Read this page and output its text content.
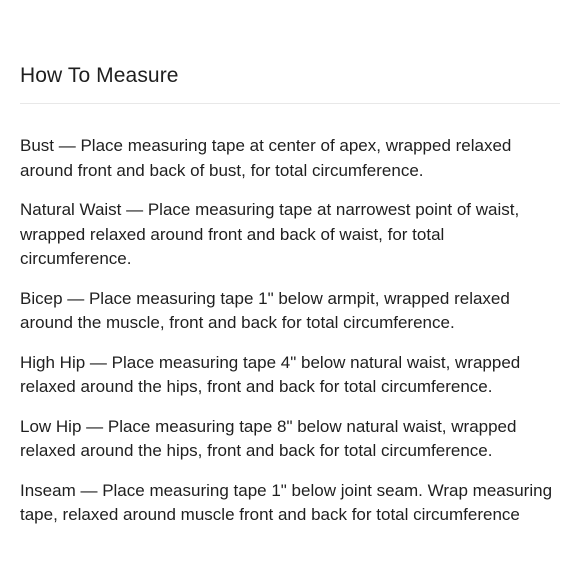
How To Measure
Bust — Place measuring tape at center of apex, wrapped relaxed around front and back of bust, for total circumference.
Natural Waist — Place measuring tape at narrowest point of waist, wrapped relaxed around front and back of waist, for total circumference.
Bicep — Place measuring tape 1" below armpit, wrapped relaxed around the muscle, front and back for total circumference.
High Hip — Place measuring tape 4" below natural waist, wrapped relaxed around the hips, front and back for total circumference.
Low Hip — Place measuring tape 8" below natural waist, wrapped relaxed around the hips, front and back for total circumference.
Inseam — Place measuring tape 1" below joint seam. Wrap measuring tape, relaxed around muscle front and back for total circumference
